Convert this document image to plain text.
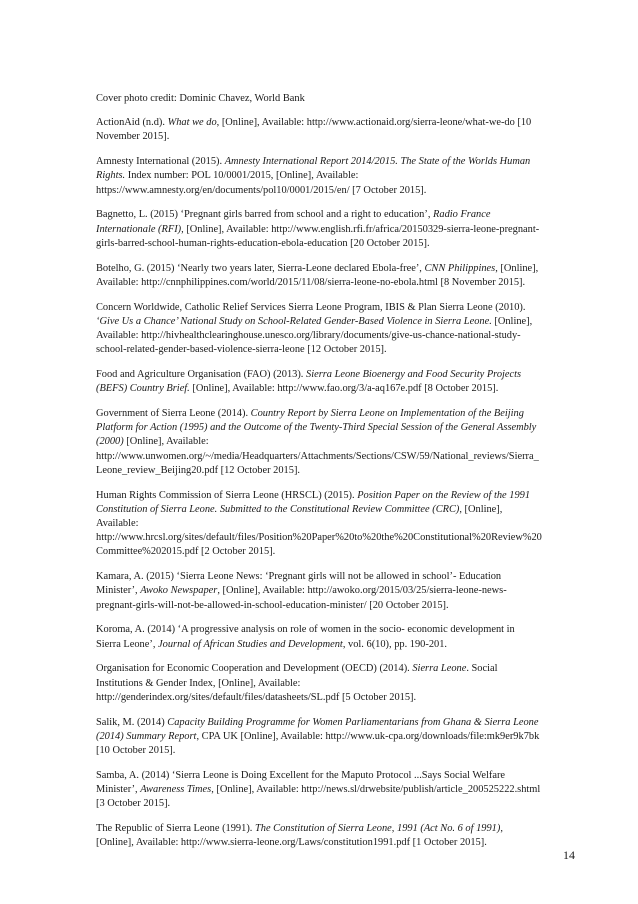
Cover photo credit: Dominic Chavez, World Bank

ActionAid (n.d). What we do, [Online], Available: http://www.actionaid.org/sierra-leone/what-we-do [10 November 2015].

Amnesty International (2015). Amnesty International Report 2014/2015. The State of the Worlds Human Rights. Index number: POL 10/0001/2015, [Online], Available: https://www.amnesty.org/en/documents/pol10/0001/2015/en/ [7 October 2015].

Bagnetto, L. (2015) ‘Pregnant girls barred from school and a right to education’, Radio France Internationale (RFI), [Online], Available: http://www.english.rfi.fr/africa/20150329-sierra-leone-pregnant-girls-barred-school-human-rights-education-ebola-education [20 October 2015].

Botelho, G. (2015) ‘Nearly two years later, Sierra-Leone declared Ebola-free’, CNN Philippines, [Online], Available: http://cnnphilippines.com/world/2015/11/08/sierra-leone-no-ebola.html [8 November 2015].

Concern Worldwide, Catholic Relief Services Sierra Leone Program, IBIS & Plan Sierra Leone (2010). ‘Give Us a Chance’ National Study on School-Related Gender-Based Violence in Sierra Leone. [Online], Available: http://hivhealthclearinghouse.unesco.org/library/documents/give-us-chance-national-study-school-related-gender-based-violence-sierra-leone [12 October 2015].

Food and Agriculture Organisation (FAO) (2013). Sierra Leone Bioenergy and Food Security Projects (BEFS) Country Brief. [Online], Available: http://www.fao.org/3/a-aq167e.pdf [8 October 2015].

Government of Sierra Leone (2014). Country Report by Sierra Leone on Implementation of the Beijing Platform for Action (1995) and the Outcome of the Twenty-Third Special Session of the General Assembly (2000) [Online], Available: http://www.unwomen.org/~/media/Headquarters/Attachments/Sections/CSW/59/National_reviews/Sierra_Leone_review_Beijing20.pdf [12 October 2015].

Human Rights Commission of Sierra Leone (HRSCL) (2015). Position Paper on the Review of the 1991 Constitution of Sierra Leone. Submitted to the Constitutional Review Committee (CRC), [Online], Available: http://www.hrcsl.org/sites/default/files/Position%20Paper%20to%20the%20Constitutional%20Review%20Committee%202015.pdf [2 October 2015].

Kamara, A. (2015) ‘Sierra Leone News: ‘Pregnant girls will not be allowed in school’- Education Minister’, Awoko Newspaper, [Online], Available: http://awoko.org/2015/03/25/sierra-leone-news-pregnant-girls-will-not-be-allowed-in-school-education-minister/ [20 October 2015].

Koroma, A. (2014) ‘A progressive analysis on role of women in the socio- economic development in Sierra Leone’, Journal of African Studies and Development, vol. 6(10), pp. 190-201.

Organisation for Economic Cooperation and Development (OECD) (2014). Sierra Leone. Social Institutions & Gender Index, [Online], Available: http://genderindex.org/sites/default/files/datasheets/SL.pdf [5 October 2015].

Salik, M. (2014) Capacity Building Programme for Women Parliamentarians from Ghana & Sierra Leone (2014) Summary Report, CPA UK [Online], Available: http://www.uk-cpa.org/downloads/file:mk9er9k7bk [10 October 2015].

Samba, A. (2014) ‘Sierra Leone is Doing Excellent for the Maputo Protocol ...Says Social Welfare Minister’, Awareness Times, [Online], Available: http://news.sl/drwebsite/publish/article_200525222.shtml [3 October 2015].

The Republic of Sierra Leone (1991). The Constitution of Sierra Leone, 1991 (Act No. 6 of 1991), [Online], Available: http://www.sierra-leone.org/Laws/constitution1991.pdf [1 October 2015].

14
